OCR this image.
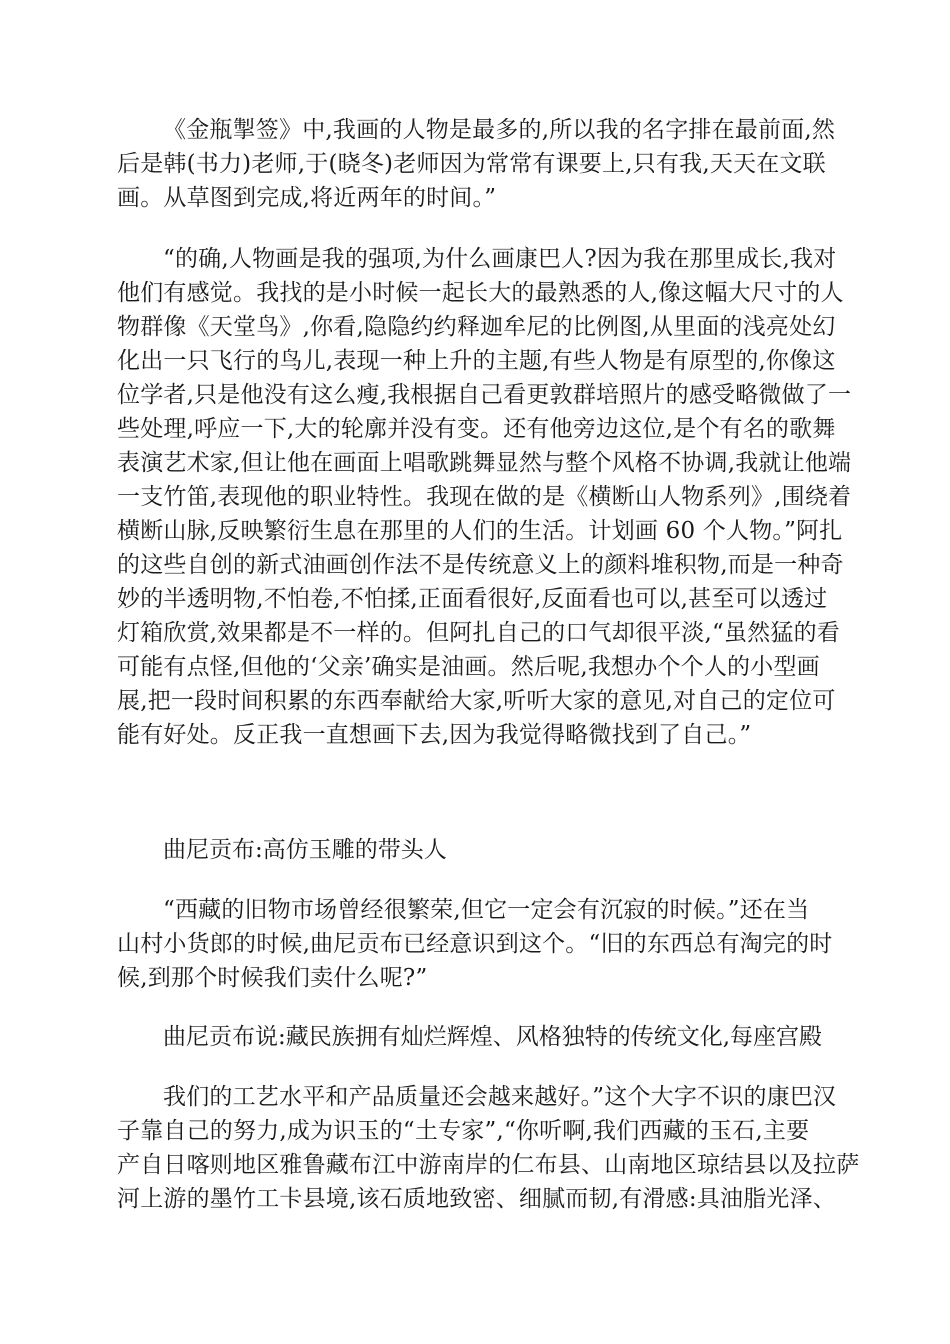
《金瓶掣签》中,我画的人物是最多的,所以我的名字排在最前面,然
后是韩(书力)老师,于(晓冬)老师因为常常有课要上,只有我,天天在文联
画。从草图到完成,将近两年的时间。”
“的确,人物画是我的强项,为什么画康巴人?因为我在那里成长,我对
他们有感觉。我找的是小时候一起长大的最熟悉的人,像这幅大尺寸的人
物群像《天堂鸟》,你看,隐隐约约释迦牟尼的比例图,从里面的浅亮处幻
化出一只飞行的鸟儿,表现一种上升的主题,有些人物是有原型的,你像这
位学者,只是他没有这么瘦,我根据自己看更敦群培照片的感受略微做了一
些处理,呼应一下,大的轮廓并没有变。还有他旁边这位,是个有名的歌舞
表演艺术家,但让他在画面上唱歌跳舞显然与整个风格不协调,我就让他端
一支竹笛,表现他的职业特性。我现在做的是《横断山人物系列》,围绕着
横断山脉,反映繁衍生息在那里的人们的生活。计划画 60 个人物。”阿扎
的这些自创的新式油画创作法不是传统意义上的颜料堆积物,而是一种奇
妙的半透明物,不怕卷,不怕揉,正面看很好,反面看也可以,甚至可以透过
灯箱欣赏,效果都是不一样的。但阿扎自己的口气却很平淡,“虽然猛的看
可能有点怪,但他的‘父亲’确实是油画。然后呢,我想办个个人的小型画
展,把一段时间积累的东西奉献给大家,听听大家的意见,对自己的定位可
能有好处。反正我一直想画下去,因为我觉得略微找到了自己。”
曲尼贡布:高仿玉雕的带头人
“西藏的旧物市场曾经很繁荣,但它一定会有沉寂的时候。”还在当
山村小货郎的时候,曲尼贡布已经意识到这个。“旧的东西总有淘完的时
候,到那个时候我们卖什么呢?”
曲尼贡布说:藏民族拥有灿烂辉煌、风格独特的传统文化,每座宫殿
我们的工艺水平和产品质量还会越来越好。”这个大字不识的康巴汉
子靠自己的努力,成为识玉的“土专家”,“你听啊,我们西藏的玉石,主要
产自日喀则地区雅鲁藏布江中游南岸的仁布县、山南地区琼结县以及拉萨
河上游的墨竹工卡县境,该石质地致密、细腻而韧,有滑感:具油脂光泽、
